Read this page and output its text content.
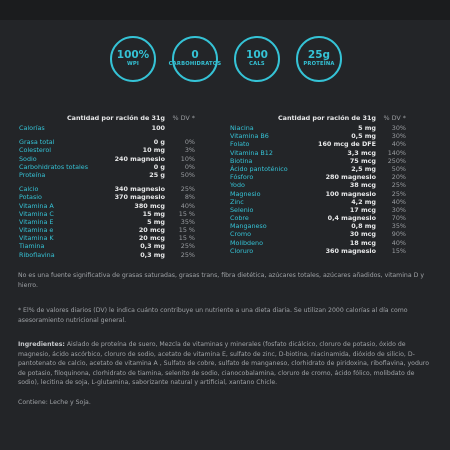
100%
WPI
0
CARBOHIDRATOS
100
CALS
25g
PROTEÍNA
Cantidad por ración de 31g % DV *
Calorías	100
Grasa total	0 g	0%
Colesterol	10 mg	3%
Sodio	240 magnesio 10%
Carbohidratos totales	0 g	0%
Proteína	25 g 50%
Calcio	340 magnesio 25%
Potasio	370 magnesio	8%
Vitamina A	380 mcg 40%
Vitamina C	15 mg 15 %
Vitamina E	5 mg 35%
Vitamina e	20 mcg 15 %
Vitamina K	20 mcg 15 %
Tiamina	0,3 mg 25%
Riboflavina	0,3 mg 25%
Cantidad por ración de 31g % DV *
Niacina	5 mg 30%
Vitamina B6	0,5 mg 30%
Folato	160 mcg de DFE 40%
Vitamina B12	3,3 mcg 140%
Biotina	75 mcg 250%
Ácido pantoténico	2,5 mg 50%
Fósforo	280 magnesio 20%
Yodo	38 mcg 25%
Magnesio	100 magnesio 25%
Zinc	4,2 mg 40%
Selenio	17 mcg 30%
Cobre	0,4 magnesio 70%
Manganeso	0,8 mg 35%
Cromo	30 mcg 90%
Molibdeno	18 mcg 40%
Cloruro	360 magnesio 15%
No es una fuente significativa de grasas saturadas, grasas trans, fibra dietética, azúcares totales, azúcares añadidos, vitamina D y hierro.
* El% de valores diarios (DV) le indica cuánto contribuye un nutriente a una dieta diaria. Se utilizan 2000 calorías al día como asesoramiento nutricional general.
Ingredientes: Aislado de proteína de suero, Mezcla de vitaminas y minerales (fosfato dicálcico, cloruro de potasio, óxido de magnesio, ácido ascórbico, cloruro de sodio, acetato de vitamina E, sulfato de zinc, D-biotina, niacinamida, dióxido de silicio, D-pantotenato de calcio, acetato de vitamina A , Sulfato de cobre, sulfato de manganeso, clorhidrato de piridoxina, riboflavina, yoduro de potasio, filoquinona, clorhidrato de tiamina, selenito de sodio, cianocobalamina, cloruro de cromo, ácido fólico, molibdato de sodio), lecitina de soja, L-glutamina, saborizante natural y artificial, xantano Chicle.
Contiene: Leche y Soja.
